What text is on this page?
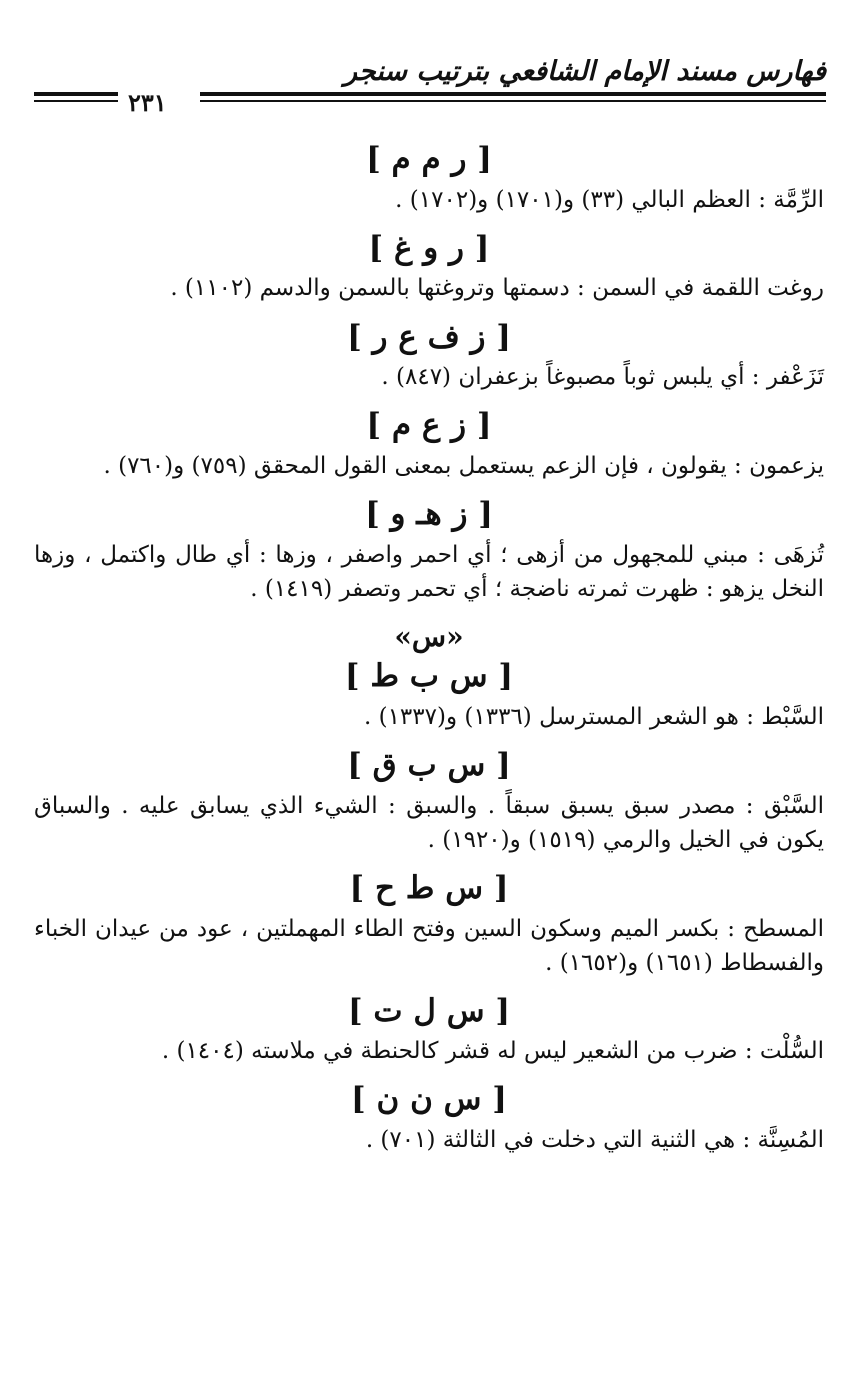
فهارس مسند الإمام الشافعي بترتيب سنجر
٢٣١
[ ر م م ]

الرِّمَّة : العظم البالي (٣٣) و(١٧٠١) و(١٧٠٢) .

[ ر و غ ]

روغت اللقمة في السمن : دسمتها وتروغتها بالسمن والدسم (١١٠٢) .

[ ز ف ع ر ]

تَزَعْفر : أي يلبس ثوباً مصبوغاً بزعفران (٨٤٧) .

[ ز ع م ]

يزعمون : يقولون ، فإن الزعم يستعمل بمعنى القول المحقق (٧٥٩) و(٧٦٠) .

[ ز هـ و ]

تُزهَى : مبني للمجهول من أزهى ؛ أي احمر واصفر ، وزها : أي طال واكتمل ، وزها النخل يزهو : ظهرت ثمرته ناضجة ؛ أي تحمر وتصفر (١٤١٩) .

«س»
[ س ب ط ]

السَّبْط : هو الشعر المسترسل (١٣٣٦) و(١٣٣٧) .

[ س ب ق ]

السَّبْق : مصدر سبق يسبق سبقاً . والسبق : الشيء الذي يسابق عليه . والسباق يكون في الخيل والرمي (١٥١٩) و(١٩٢٠) .

[ س ط ح ]

المسطح : بكسر الميم وسكون السين وفتح الطاء المهملتين ، عود من عيدان الخباء والفسطاط (١٦٥١) و(١٦٥٢) .

[ س ل ت ]

السُّلْت : ضرب من الشعير ليس له قشر كالحنطة في ملاسته (١٤٠٤) .

[ س ن ن ]

المُسِنَّة : هي الثنية التي دخلت في الثالثة (٧٠١) .
